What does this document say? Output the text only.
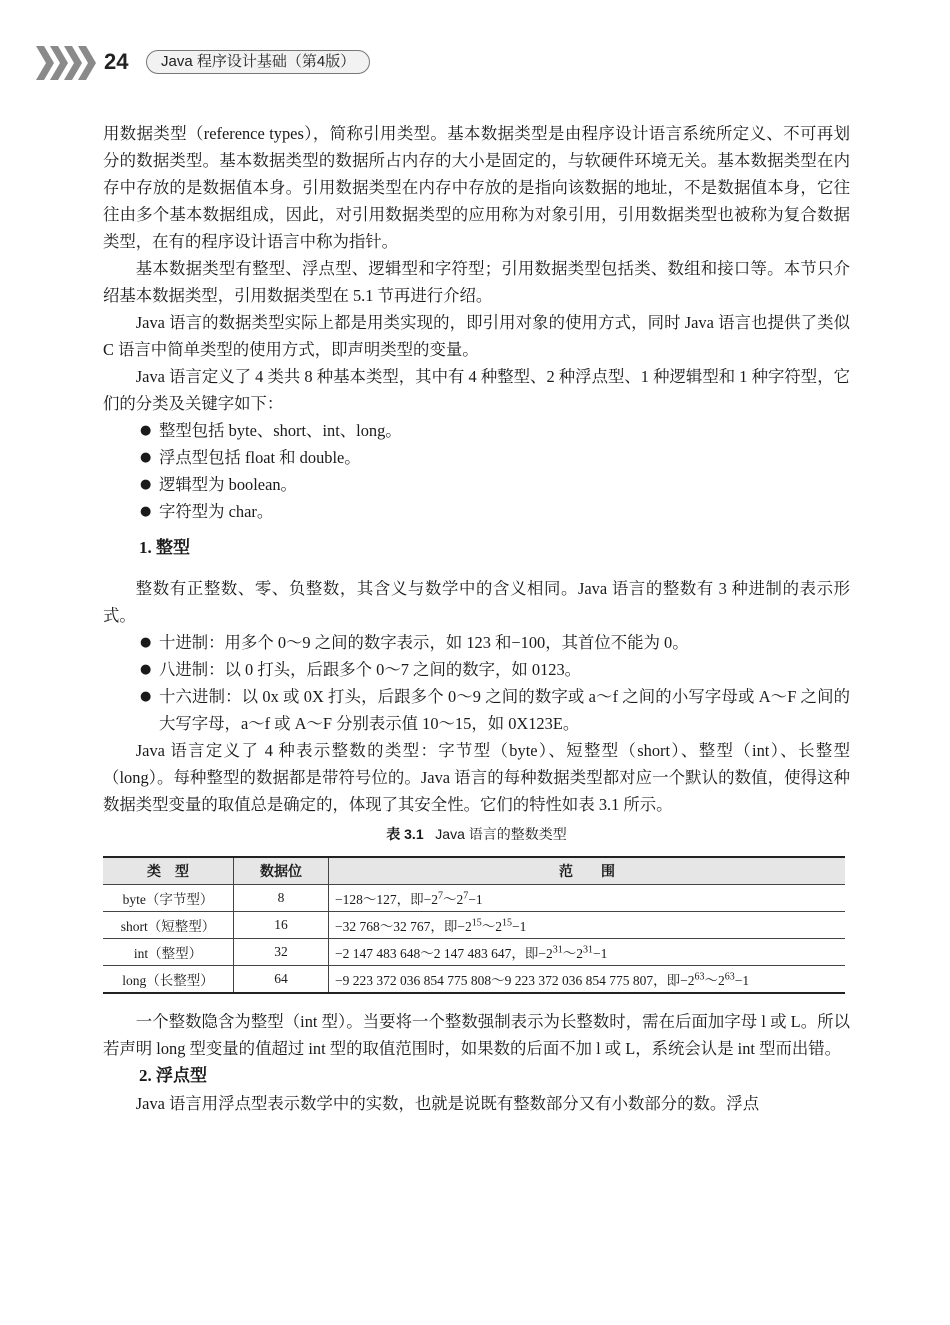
24	Java 程序设计基础（第4版）

用数据类型（reference types），简称引用类型。基本数据类型是由程序设计语言系统所定义、不可再划分的数据类型。基本数据类型的数据所占内存的大小是固定的，与软硬件环境无关。基本数据类型在内存中存放的是数据值本身。引用数据类型在内存中存放的是指向该数据的地址，不是数据值本身，它往往由多个基本数据组成，因此，对引用数据类型的应用称为对象引用，引用数据类型也被称为复合数据类型，在有的程序设计语言中称为指针。

基本数据类型有整型、浮点型、逻辑型和字符型；引用数据类型包括类、数组和接口等。本节只介绍基本数据类型，引用数据类型在 5.1 节再进行介绍。

Java 语言的数据类型实际上都是用类实现的，即引用对象的使用方式，同时 Java 语言也提供了类似 C 语言中简单类型的使用方式，即声明类型的变量。

Java 语言定义了 4 类共 8 种基本类型，其中有 4 种整型、2 种浮点型、1 种逻辑型和 1 种字符型，它们的分类及关键字如下：

● 整型包括 byte、short、int、long。
● 浮点型包括 float 和 double。
● 逻辑型为 boolean。
● 字符型为 char。
1. 整型

整数有正整数、零、负整数，其含义与数学中的含义相同。Java 语言的整数有 3 种进制的表示形式。

● 十进制：用多个 0～9 之间的数字表示，如 123 和−100，其首位不能为 0。
● 八进制：以 0 打头，后跟多个 0～7 之间的数字，如 0123。
● 十六进制：以 0x 或 0X 打头，后跟多个 0～9 之间的数字或 a～f 之间的小写字母或 A～F 之间的大写字母，a～f 或 A～F 分别表示值 10～15，如 0X123E。

Java 语言定义了 4 种表示整数的类型：字节型（byte）、短整型（short）、整型（int）、长整型（long）。每种整型的数据都是带符号位的。Java 语言的每种数据类型都对应一个默认的数值，使得这种数据类型变量的取值总是确定的，体现了其安全性。它们的特性如表 3.1 所示。

表 3.1 Java 语言的整数类型
类　型	数据位	范　　围
byte（字节型）	8	−128～127，即$-2^7\sim 2^7-1$
short（短整型）	16	−32 768～32 767，即$-2^{15}\sim 2^{15}-1$
int（整型）	32	−2 147 483 648～2 147 483 647，即$-2^{31}\sim 2^{31}-1$
long（长整型）	64	−9 223 372 036 854 775 808～9 223 372 036 854 775 807，即$-2^{63}\sim 2^{63}-1$

一个整数隐含为整型（int 型）。当要将一个整数强制表示为长整数时，需在后面加字母 l 或 L。所以若声明 long 型变量的值超过 int 型的取值范围时，如果数的后面不加 l 或 L，系统会认是 int 型而出错。

2. 浮点型

Java 语言用浮点型表示数学中的实数，也就是说既有整数部分又有小数部分的数。浮点
